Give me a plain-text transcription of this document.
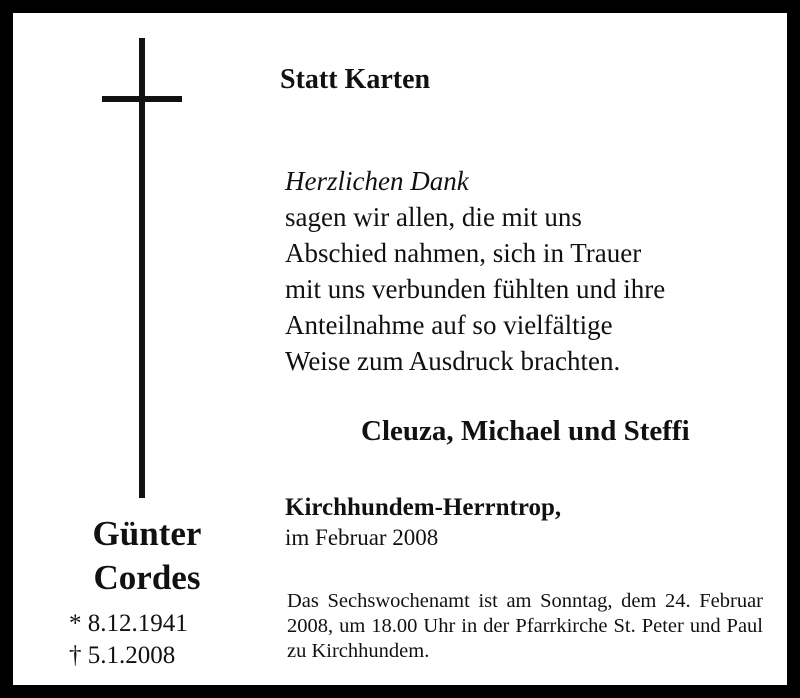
Günter
Cordes
* 8.12.1941
† 5.1.2008
Statt Karten
Herzlichen Dank
sagen wir allen, die mit uns
Abschied nahmen, sich in Trauer
mit uns verbunden fühlten und ihre
Anteilnahme auf so vielfältige
Weise zum Ausdruck brachten.
Cleuza, Michael und Steffi
Kirchhundem-Herrntrop,
im Februar 2008
Das Sechswochenamt ist am Sonntag, dem 24. Februar 2008, um 18.00 Uhr in der Pfarrkirche St. Peter und Paul zu Kirchhundem.
